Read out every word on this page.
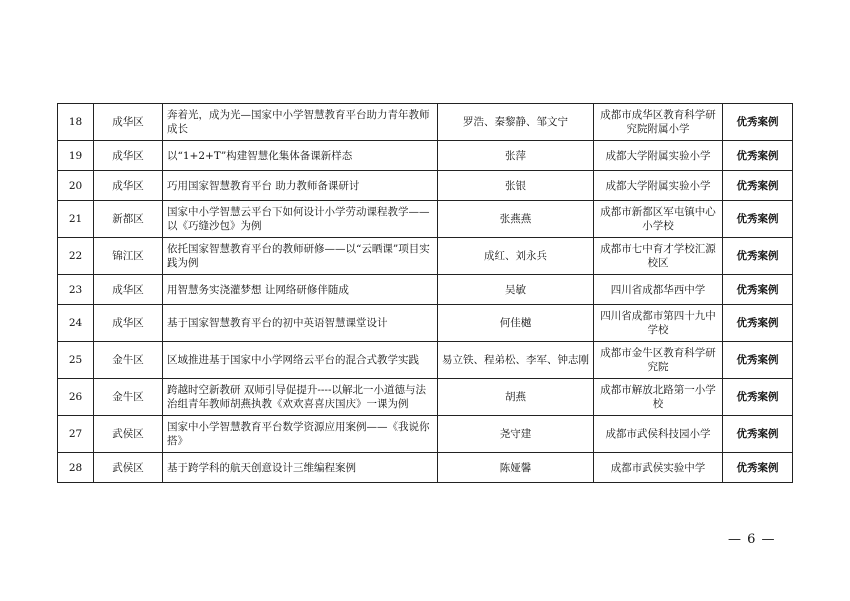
18	成华区	奔着光，成为光—国家中小学智慧教育平台助力青年教师成长	罗浩、秦黎静、邹文宁	成都市成华区教育科学研究院附属小学	优秀案例
19	成华区	以“1+2+T”构建智慧化集体备课新样态	张萍	成都大学附属实验小学	优秀案例
20	成华区	巧用国家智慧教育平台 助力教师备课研讨	张银	成都大学附属实验小学	优秀案例
21	新都区	国家中小学智慧云平台下如何设计小学劳动课程教学——以《巧缝沙包》为例	张燕燕	成都市新都区军屯镇中心小学校	优秀案例
22	锦江区	依托国家智慧教育平台的教师研修——以“云晒课”项目实践为例	成红、刘永兵	成都市七中育才学校汇源校区	优秀案例
23	成华区	用智慧务实浇灌梦想 让网络研修伴随成	吴敏	四川省成都华西中学	优秀案例
24	成华区	基于国家智慧教育平台的初中英语智慧课堂设计	何佳樾	四川省成都市第四十九中学校	优秀案例
25	金牛区	区域推进基于国家中小学网络云平台的混合式教学实践	易立铁、程弟松、李军、钟志刚	成都市金牛区教育科学研究院	优秀案例
26	金牛区	跨越时空新教研 双师引导促提升----以解北一小道德与法治组青年教师胡燕执教《欢欢喜喜庆国庆》一课为例	胡燕	成都市解放北路第一小学校	优秀案例
27	武侯区	国家中小学智慧教育平台数学资源应用案例——《我说你搭》	尧守建	成都市武侯科技园小学	优秀案例
28	武侯区	基于跨学科的航天创意设计三维编程案例	陈娅馨	成都市武侯实验中学	优秀案例
— 6 —
